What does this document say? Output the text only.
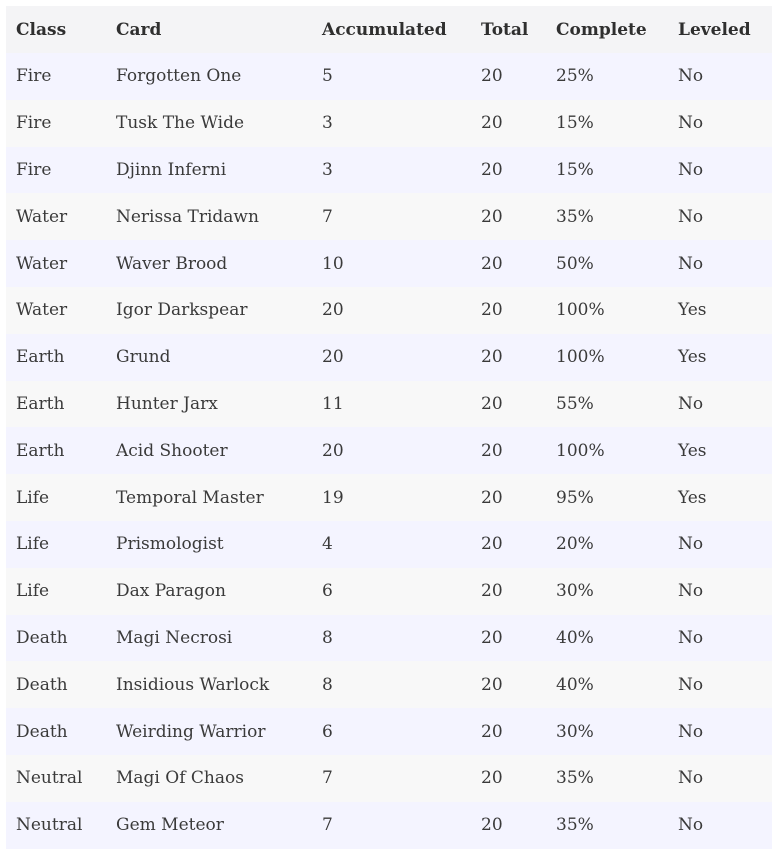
Class	Card	Accumulated	Total	Complete	Leveled
Fire	Forgotten One	5	20	25%	No
Fire	Tusk The Wide	3	20	15%	No
Fire	Djinn Inferni	3	20	15%	No
Water	Nerissa Tridawn	7	20	35%	No
Water	Waver Brood	10	20	50%	No
Water	Igor Darkspear	20	20	100%	Yes
Earth	Grund	20	20	100%	Yes
Earth	Hunter Jarx	11	20	55%	No
Earth	Acid Shooter	20	20	100%	Yes
Life	Temporal Master	19	20	95%	Yes
Life	Prismologist	4	20	20%	No
Life	Dax Paragon	6	20	30%	No
Death	Magi Necrosi	8	20	40%	No
Death	Insidious Warlock	8	20	40%	No
Death	Weirding Warrior	6	20	30%	No
Neutral	Magi Of Chaos	7	20	35%	No
Neutral	Gem Meteor	7	20	35%	No
